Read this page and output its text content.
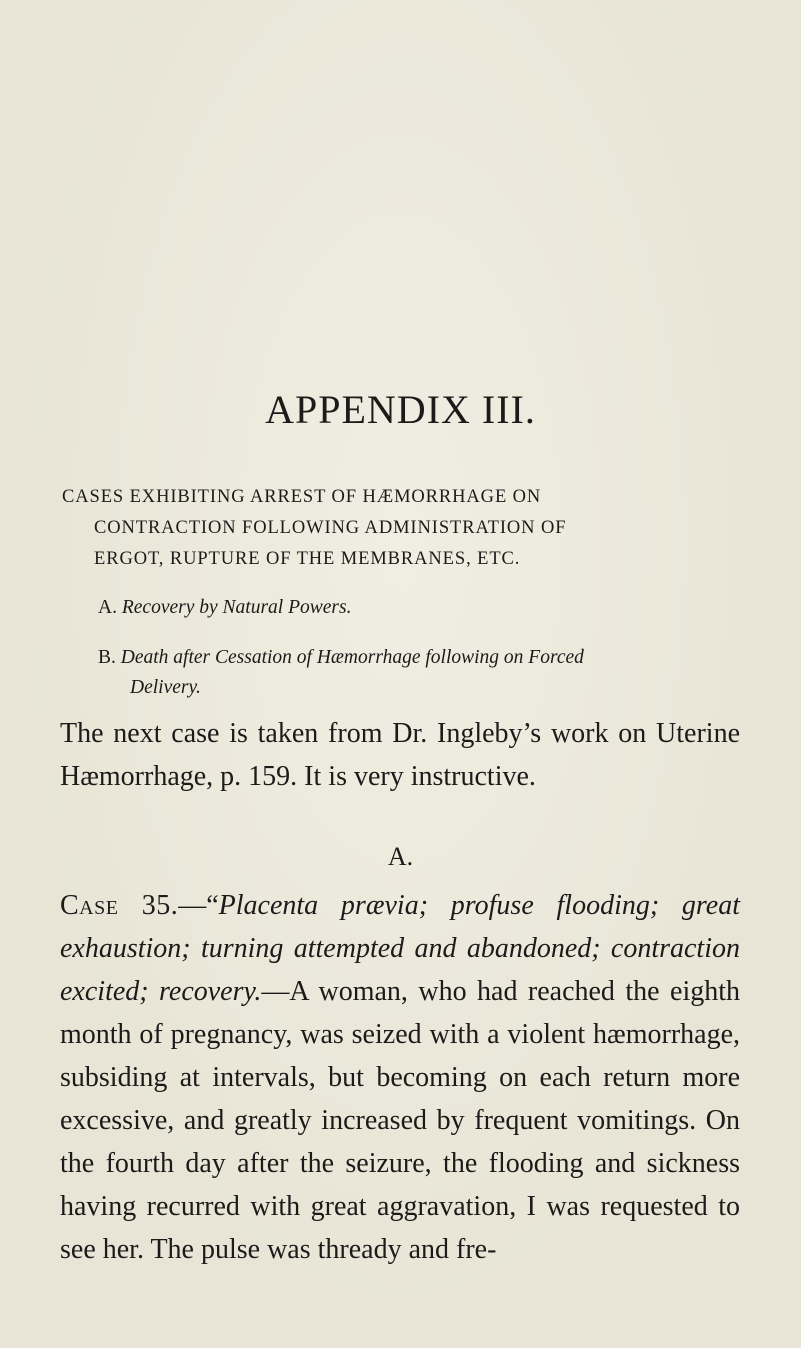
APPENDIX III.
CASES EXHIBITING ARREST OF HÆMORRHAGE ON
CONTRACTION FOLLOWING ADMINISTRATION OF
ERGOT, RUPTURE OF THE MEMBRANES, ETC.
A. Recovery by Natural Powers.
B. Death after Cessation of Hæmorrhage following on Forced
Delivery.
The next case is taken from Dr. Ingleby’s work on Uterine Hæmorrhage, p. 159. It is very instructive.
A.
Case 35.—“Placenta prævia; profuse flooding; great exhaustion; turning attempted and abandoned; contraction excited; recovery.—A woman, who had reached the eighth month of pregnancy, was seized with a violent hæmorrhage, subsiding at intervals, but becoming on each return more excessive, and greatly increased by frequent vomitings. On the fourth day after the seizure, the flooding and sickness having recurred with great aggravation, I was requested to see her. The pulse was thready and fre-
